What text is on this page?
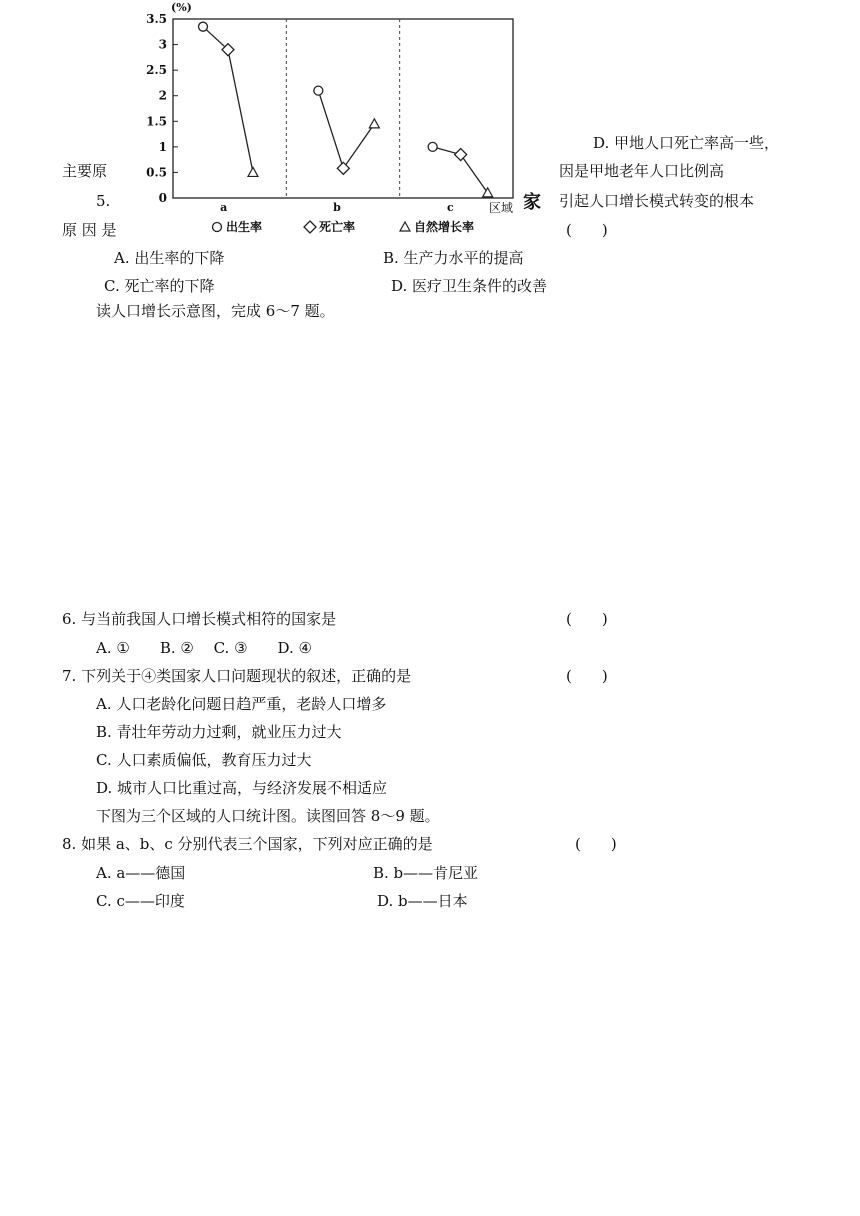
0
0.5
1
1.5
2
2.5
3
3.5
(%)
a	b	c	区域
出生率	死亡率	自然增长率
D. 甲地人口死亡率高一些，
主要原	因是甲地老年人口比例高
5.	家 引起人口增长模式转变的根本
原 因 是	(　　)
A. 出生率的下降	B. 生产力水平的提高
C. 死亡率的下降	D. 医疗卫生条件的改善
读人口增长示意图，完成 6～7 题。
6. 与当前我国人口增长模式相符的国家是	(　　)
A. ①　　B. ②　 C. ③　　D. ④
7. 下列关于④类国家人口问题现状的叙述，正确的是	(　　)
A. 人口老龄化问题日趋严重，老龄人口增多
B. 青壮年劳动力过剩，就业压力过大
C. 人口素质偏低，教育压力过大
D. 城市人口比重过高，与经济发展不相适应
下图为三个区域的人口统计图。读图回答 8～9 题。
8. 如果 a、b、c 分别代表三个国家，下列对应正确的是	(　　)
A. a——德国	B. b——肯尼亚
C. c——印度	D. b——日本
